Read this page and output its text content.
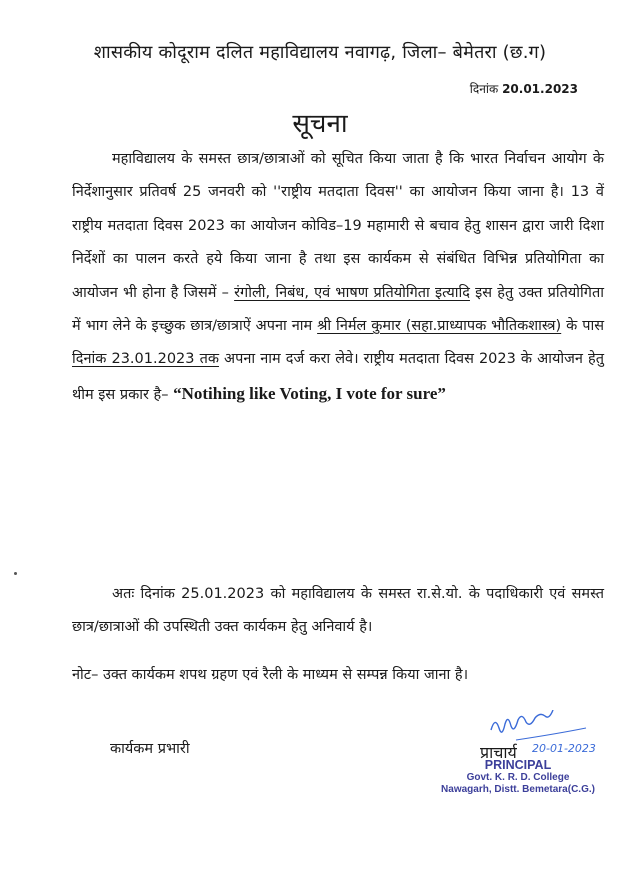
शासकीय कोदूराम दलित महाविद्यालय नवागढ़, जिला– बेमेतरा (छ.ग)
दिनांक 20.01.2023
सूचना

महाविद्यालय के समस्त छात्र/छात्राओं को सूचित किया जाता है कि भारत निर्वाचन आयोग के निर्देशानुसार प्रतिवर्ष 25 जनवरी को ''राष्ट्रीय मतदाता दिवस'' का आयोजन किया जाना है। 13 वें राष्ट्रीय मतदाता दिवस 2023 का आयोजन कोविड–19 महामारी से बचाव हेतु शासन द्वारा जारी दिशा निर्देशों का पालन करते हये किया जाना है तथा इस कार्यकम से संबंधित विभिन्न प्रतियोगिता का आयोजन भी होना है जिसमें – रंगोली, निबंध, एवं भाषण प्रतियोगिता इत्यादि इस हेतु उक्त प्रतियोगिता में भाग लेने के इच्छुक छात्र/छात्राऐं अपना नाम श्री निर्मल कुमार (सहा.प्राध्यापक भौतिकशास्त्र) के पास दिनांक 23.01.2023 तक अपना नाम दर्ज करा लेवे। राष्ट्रीय मतदाता दिवस 2023 के आयोजन हेतु थीम इस प्रकार है– “Notihing like Voting, I vote for sure”

अतः दिनांक 25.01.2023 को महाविद्यालय के समस्त रा.से.यो. के पदाधिकारी एवं समस्त छात्र/छात्राओं की उपस्थिती उक्त कार्यकम हेतु अनिवार्य है।

नोट– उक्त कार्यकम शपथ ग्रहण एवं रैली के माध्यम से सम्पन्न किया जाना है।
कार्यकम प्रभारी	20-01-2023
प्राचार्य
PRINCIPAL
Govt. K. R. D. College
Nawagarh, Distt. Bemetara(C.G.)
